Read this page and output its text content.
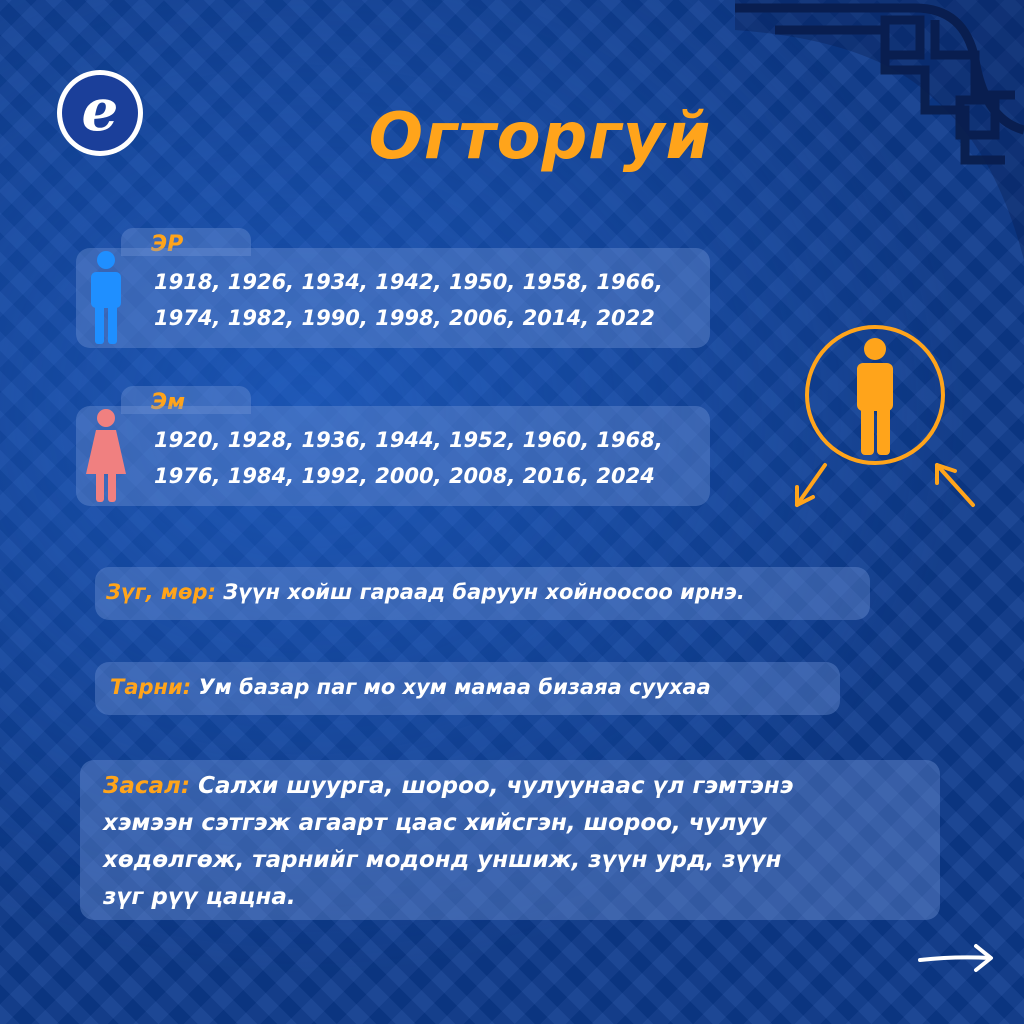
e	Огторгуй
ЭР
1918, 1926, 1934, 1942, 1950, 1958, 1966,
1974, 1982, 1990, 1998, 2006, 2014, 2022
Эм
1920, 1928, 1936, 1944, 1952, 1960, 1968,
1976, 1984, 1992, 2000, 2008, 2016, 2024
Зүг, мөр: Зүүн хойш гараад баруун хойноосоо ирнэ.
Тарни: Ум базар паг мо хум мамаа бизаяа суухаа
Засал: Салхи шуурга, шороо, чулуунаас үл гэмтэнэ
хэмээн сэтгэж агаарт цаас хийсгэн, шороо, чулуу
хөдөлгөж, тарнийг модонд уншиж, зүүн урд, зүүн
зүг рүү цацна.
